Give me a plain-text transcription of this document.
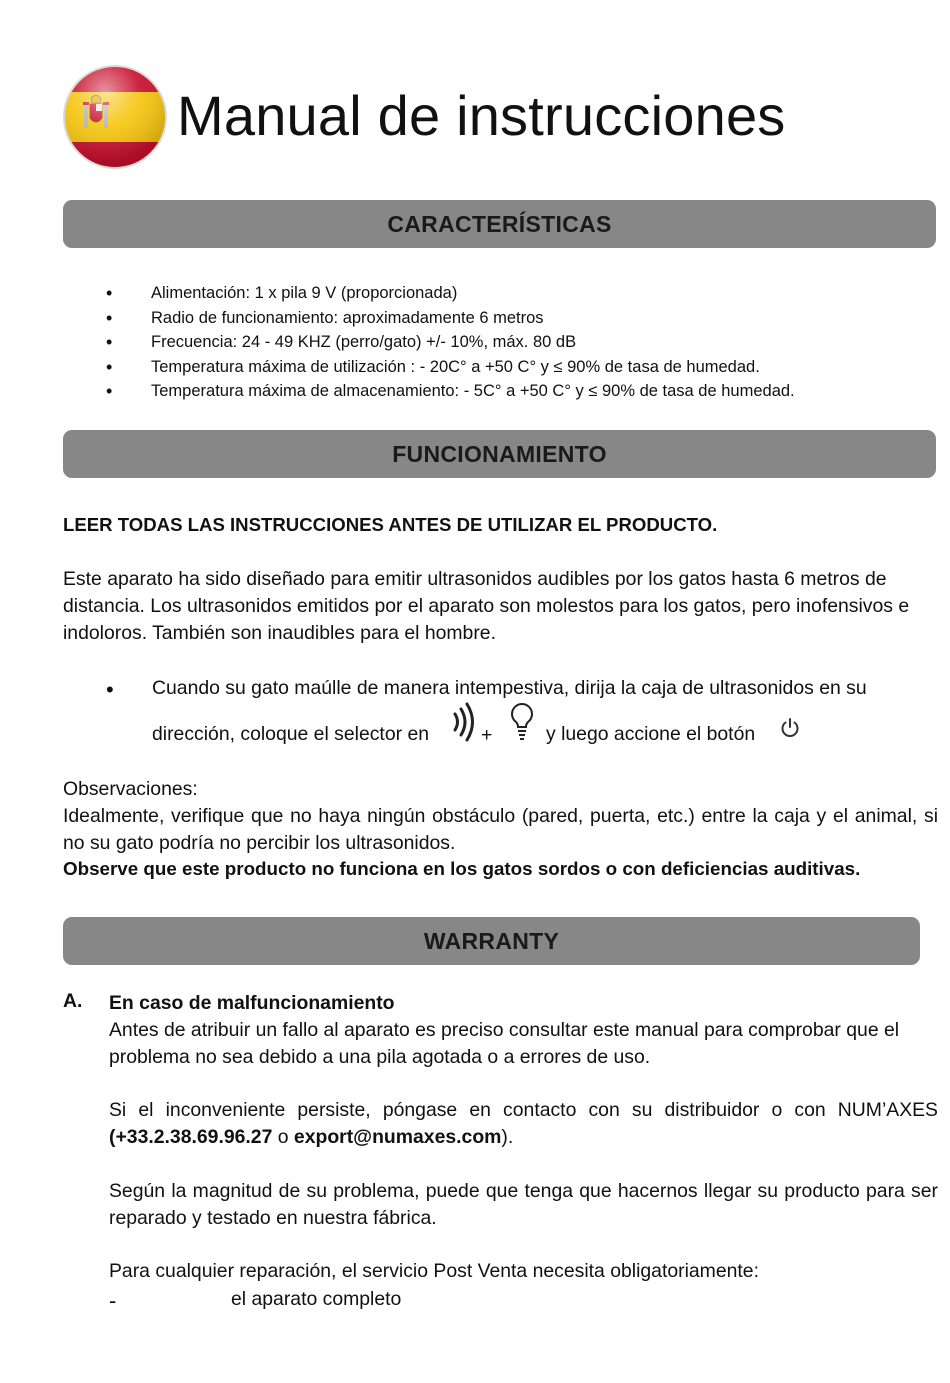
Manual de instrucciones
CARACTERÍSTICAS
• Alimentación: 1 x pila 9 V (proporcionada)
• Radio de funcionamiento: aproximadamente 6 metros
• Frecuencia: 24 - 49 KHZ (perro/gato) +/- 10%, máx. 80 dB
• Temperatura máxima de utilización : - 20C° a +50 C° y ≤ 90% de tasa de humedad.
• Temperatura máxima de almacenamiento: - 5C° a +50 C° y ≤ 90% de tasa de humedad.
FUNCIONAMIENTO

LEER TODAS LAS INSTRUCCIONES ANTES DE UTILIZAR EL PRODUCTO.

Este aparato ha sido diseñado para emitir ultrasonidos audibles por los gatos hasta 6 metros de distancia. Los ultrasonidos emitidos por el aparato son molestos para los gatos, pero inofensivos e indoloros. También son inaudibles para el hombre.

Cuando su gato maúlle de manera intempestiva, dirija la caja de ultrasonidos en su
dirección, coloque el selector en	+	y luego accione el botón

Observaciones:

Idealmente, verifique que no haya ningún obstáculo (pared, puerta, etc.) entre la caja y el animal, si no su gato podría no percibir los ultrasonidos.

Observe que este producto no funciona en los gatos sordos o con deficiencias auditivas.

WARRANTY
A. En caso de malfuncionamiento

Antes de atribuir un fallo al aparato es preciso consultar este manual para comprobar que el problema no sea debido a una pila agotada o a errores de uso.

Si el inconveniente persiste, póngase en contacto con su distribuidor o con NUM’AXES
(+33.2.38.69.96.27 o export@numaxes.com).

Según la magnitud de su problema, puede que tenga que hacernos llegar su producto para ser reparado y testado en nuestra fábrica.

Para cualquier reparación, el servicio Post Venta necesita obligatoriamente:

-	el aparato completo
